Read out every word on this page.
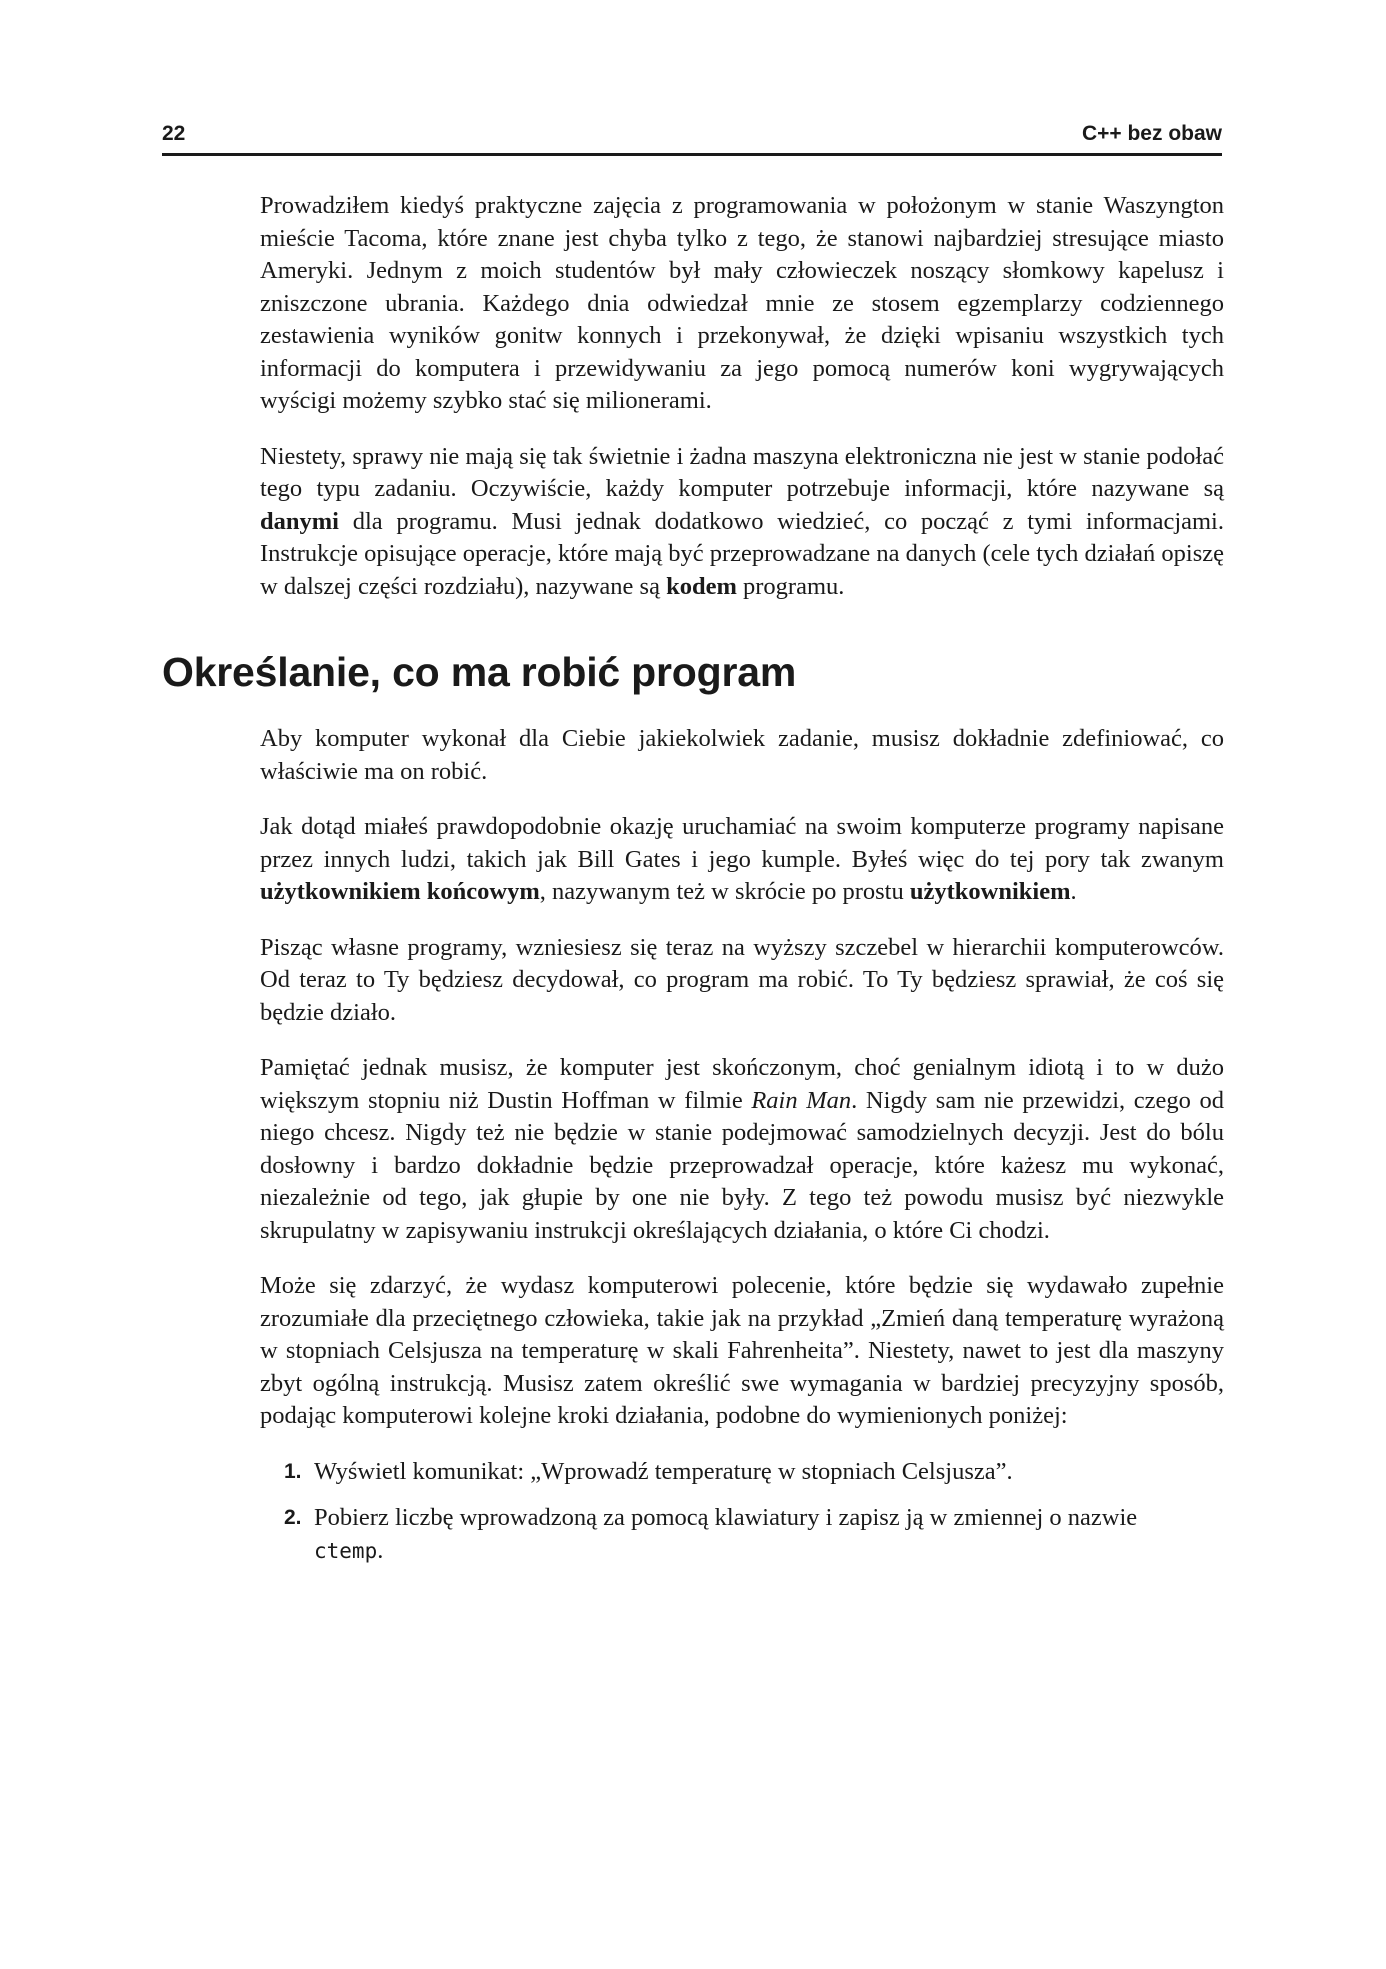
22	C++ bez obaw

Prowadziłem kiedyś praktyczne zajęcia z programowania w położonym w stanie Waszyngton mieście Tacoma, które znane jest chyba tylko z tego, że stanowi najbardziej stresujące miasto Ameryki. Jednym z moich studentów był mały człowieczek noszący słomkowy kapelusz i zniszczone ubrania. Każdego dnia odwiedzał mnie ze stosem egzemplarzy codziennego zestawienia wyników gonitw konnych i przekonywał, że dzięki wpisaniu wszystkich tych informacji do komputera i przewidywaniu za jego pomocą numerów koni wygrywających wyścigi możemy szybko stać się milionerami.

Niestety, sprawy nie mają się tak świetnie i żadna maszyna elektroniczna nie jest w stanie podołać tego typu zadaniu. Oczywiście, każdy komputer potrzebuje informacji, które nazywane są danymi dla programu. Musi jednak dodatkowo wiedzieć, co począć z tymi informacjami. Instrukcje opisujące operacje, które mają być przeprowadzane na danych (cele tych działań opiszę w dalszej części rozdziału), nazywane są kodem programu.

Określanie, co ma robić program

Aby komputer wykonał dla Ciebie jakiekolwiek zadanie, musisz dokładnie zdefiniować, co właściwie ma on robić.

Jak dotąd miałeś prawdopodobnie okazję uruchamiać na swoim komputerze programy napisane przez innych ludzi, takich jak Bill Gates i jego kumple. Byłeś więc do tej pory tak zwanym użytkownikiem końcowym, nazywanym też w skrócie po prostu użytkownikiem.

Pisząc własne programy, wzniesiesz się teraz na wyższy szczebel w hierarchii komputerowców. Od teraz to Ty będziesz decydował, co program ma robić. To Ty będziesz sprawiał, że coś się będzie działo.

Pamiętać jednak musisz, że komputer jest skończonym, choć genialnym idiotą i to w dużo większym stopniu niż Dustin Hoffman w filmie Rain Man. Nigdy sam nie przewidzi, czego od niego chcesz. Nigdy też nie będzie w stanie podejmować samodzielnych decyzji. Jest do bólu dosłowny i bardzo dokładnie będzie przeprowadzał operacje, które każesz mu wykonać, niezależnie od tego, jak głupie by one nie były. Z tego też powodu musisz być niezwykle skrupulatny w zapisywaniu instrukcji określających działania, o które Ci chodzi.

Może się zdarzyć, że wydasz komputerowi polecenie, które będzie się wydawało zupełnie zrozumiałe dla przeciętnego człowieka, takie jak na przykład „Zmień daną temperaturę wyrażoną w stopniach Celsjusza na temperaturę w skali Fahrenheita”. Niestety, nawet to jest dla maszyny zbyt ogólną instrukcją. Musisz zatem określić swe wymagania w bardziej precyzyjny sposób, podając komputerowi kolejne kroki działania, podobne do wymienionych poniżej:

1. Wyświetl komunikat: „Wprowadź temperaturę w stopniach Celsjusza”.
2. Pobierz liczbę wprowadzoną za pomocą klawiatury i zapisz ją w zmiennej o nazwie ctemp.
